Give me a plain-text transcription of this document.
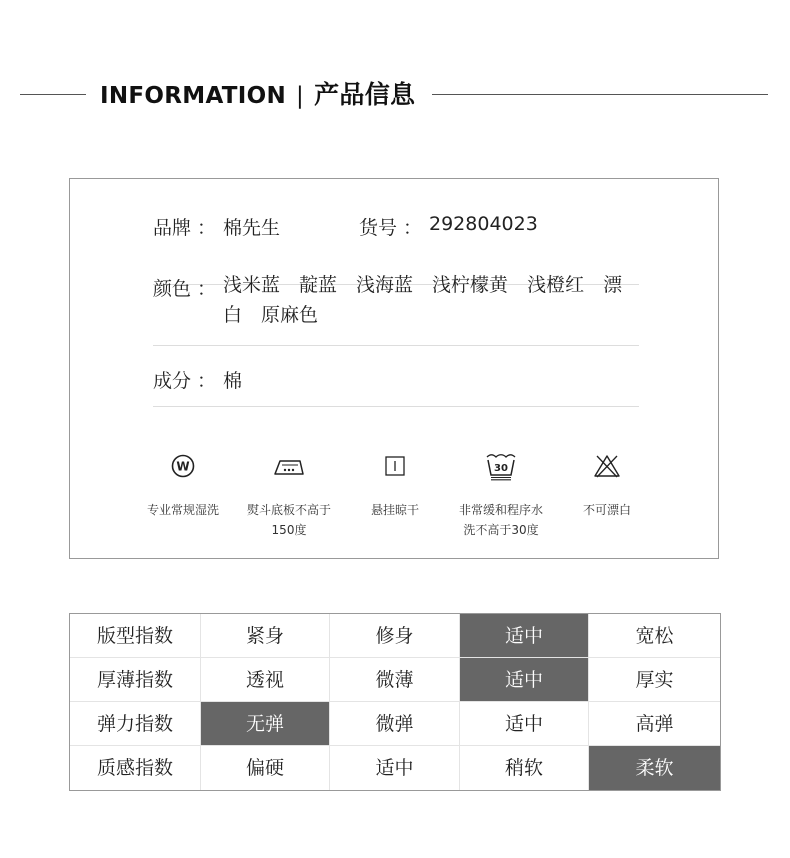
INFORMATION | 产品信息
品牌 ： 棉先生	货号 ： 292804023
颜色 ： 浅米蓝 靛蓝 浅海蓝 浅柠檬黄 浅橙红 漂白 原麻色
成分 ： 棉
W
专业常规湿洗	熨斗底板不高于
150度
悬挂晾干
30
非常缓和程序水
洗不高于30度
不可漂白
版型指数	紧身	修身	适中	宽松
厚薄指数	透视	微薄	适中	厚实
弹力指数	无弹	微弹	适中	高弹
质感指数	偏硬	适中	稍软	柔软
